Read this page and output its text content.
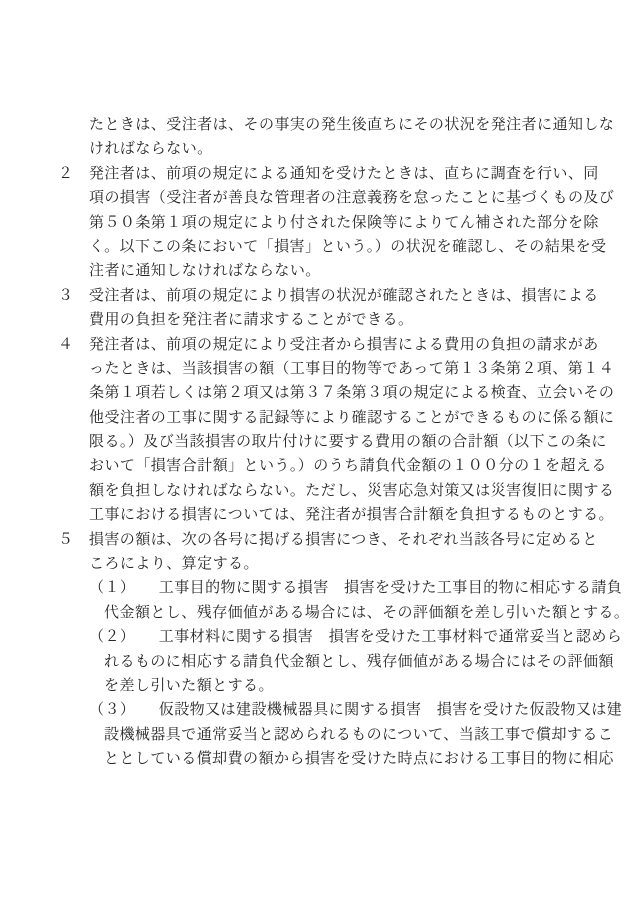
たときは、受注者は、その事実の発生後直ちにその状況を発注者に通知しな
ければならない。
２　発注者は、前項の規定による通知を受けたときは、直ちに調査を行い、同
項の損害（受注者が善良な管理者の注意義務を怠ったことに基づくもの及び
第５０条第１項の規定により付された保険等によりてん補された部分を除
く。以下この条において「損害」という。）の状況を確認し、その結果を受
注者に通知しなければならない。
３　受注者は、前項の規定により損害の状況が確認されたときは、損害による
費用の負担を発注者に請求することができる。
４　発注者は、前項の規定により受注者から損害による費用の負担の請求があ
ったときは、当該損害の額（工事目的物等であって第１３条第２項、第１４
条第１項若しくは第２項又は第３７条第３項の規定による検査、立会いその
他受注者の工事に関する記録等により確認することができるものに係る額に
限る。）及び当該損害の取片付けに要する費用の額の合計額（以下この条に
おいて「損害合計額」という。）のうち請負代金額の１００分の１を超える
額を負担しなければならない。ただし、災害応急対策又は災害復旧に関する
工事における損害については、発注者が損害合計額を負担するものとする。
５　損害の額は、次の各号に掲げる損害につき、それぞれ当該各号に定めると
ころにより、算定する。
（１）　　工事目的物に関する損害　損害を受けた工事目的物に相応する請負
代金額とし、残存価値がある場合には、その評価額を差し引いた額とする。
（２）　　工事材料に関する損害　損害を受けた工事材料で通常妥当と認めら
れるものに相応する請負代金額とし、残存価値がある場合にはその評価額
を差し引いた額とする。
（３）　　仮設物又は建設機械器具に関する損害　損害を受けた仮設物又は建
設機械器具で通常妥当と認められるものについて、当該工事で償却するこ
ととしている償却費の額から損害を受けた時点における工事目的物に相応
